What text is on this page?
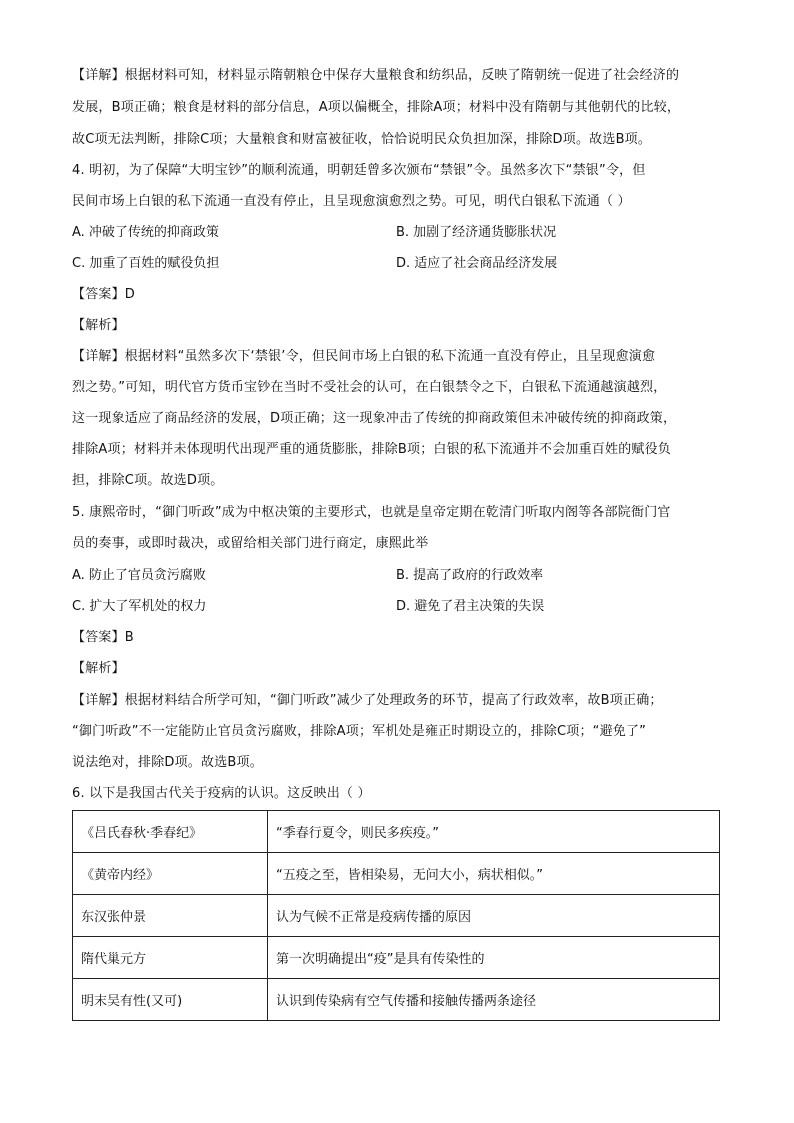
【详解】根据材料可知，材料显示隋朝粮仓中保存大量粮食和纺织品，反映了隋朝统一促进了社会经济的
发展，B项正确；粮食是材料的部分信息，A项以偏概全，排除A项；材料中没有隋朝与其他朝代的比较，
故C项无法判断，排除C项；大量粮食和财富被征收，恰恰说明民众负担加深，排除D项。故选B项。
4. 明初，为了保障“大明宝钞”的顺利流通，明朝廷曾多次颁布“禁银”令。虽然多次下“禁银”令，但
民间市场上白银的私下流通一直没有停止，且呈现愈演愈烈之势。可见，明代白银私下流通（ ）
A. 冲破了传统的抑商政策	B. 加剧了经济通货膨胀状况
C. 加重了百姓的赋役负担	D. 适应了社会商品经济发展
【答案】D
【解析】
【详解】根据材料“虽然多次下‘禁银’令，但民间市场上白银的私下流通一直没有停止，且呈现愈演愈
烈之势。”可知，明代官方货币宝钞在当时不受社会的认可，在白银禁令之下，白银私下流通越演越烈，
这一现象适应了商品经济的发展，D项正确；这一现象冲击了传统的抑商政策但未冲破传统的抑商政策，
排除A项；材料并未体现明代出现严重的通货膨胀，排除B项；白银的私下流通并不会加重百姓的赋役负
担，排除C项。故选D项。
5. 康熙帝时，“御门听政”成为中枢决策的主要形式，也就是皇帝定期在乾清门听取内阁等各部院衙门官
员的奏事，或即时裁决，或留给相关部门进行商定，康熙此举
A. 防止了官员贪污腐败	B. 提高了政府的行政效率
C. 扩大了军机处的权力	D. 避免了君主决策的失误
【答案】B
【解析】
【详解】根据材料结合所学可知，“御门听政”减少了处理政务的环节，提高了行政效率，故B项正确；
“御门听政”不一定能防止官员贪污腐败，排除A项；军机处是雍正时期设立的，排除C项；“避免了”
说法绝对，排除D项。故选B项。
6. 以下是我国古代关于疫病的认识。这反映出（ ）
《吕氏春秋·季春纪》	“季春行夏令，则民多疾疫。”
《黄帝内经》	“五疫之至，皆相染易，无问大小，病状相似。”
东汉张仲景	认为气候不正常是疫病传播的原因
隋代巢元方	第一次明确提出“疫”是具有传染性的
明末吴有性(又可)	认识到传染病有空气传播和接触传播两条途径
